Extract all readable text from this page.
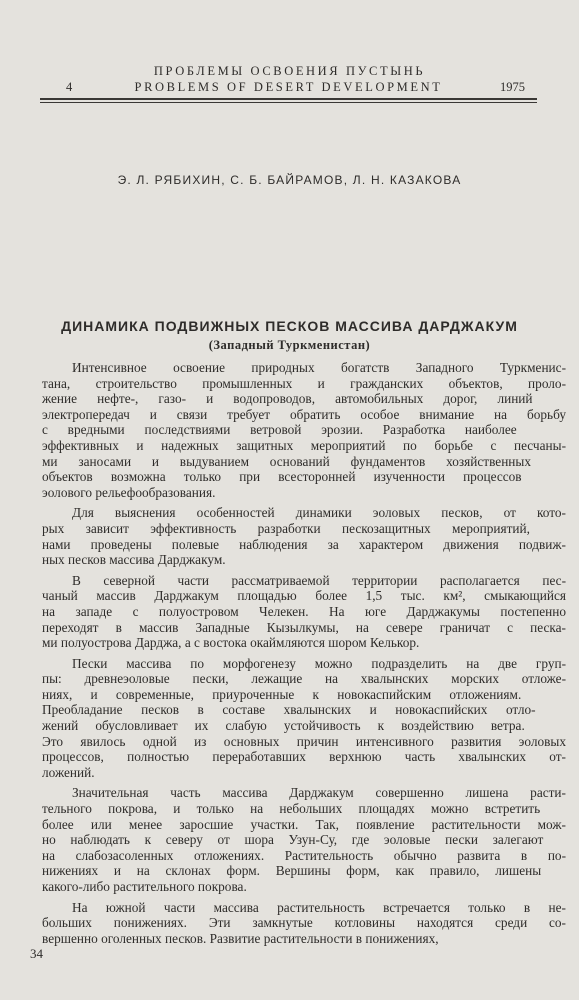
ПРОБЛЕМЫ ОСВОЕНИЯ ПУСТЫНЬ
4	PROBLEMS OF DESERT DEVELOPMENT	1975
Э. Л. РЯБИХИН, С. Б. БАЙРАМОВ, Л. Н. КАЗАКОВА
ДИНАМИКА ПОДВИЖНЫХ ПЕСКОВ МАССИВА ДАРДЖАКУМ
(Западный Туркменистан)
Интенсивное освоение природных богатств Западного Туркменис-
тана, строительство промышленных и гражданских объектов, проло-
жение нефте-, газо- и водопроводов, автомобильных дорог, линий
электропередач и связи требует обратить особое внимание на борьбу
с вредными последствиями ветровой эрозии. Разработка наиболее
эффективных и надежных защитных мероприятий по борьбе с песчаны-
ми заносами и выдуванием оснований фундаментов хозяйственных
объектов возможна только при всесторонней изученности процессов
эолового рельефообразования.
Для выяснения особенностей динамики эоловых песков, от кото-
рых зависит эффективность разработки пескозащитных мероприятий,
нами проведены полевые наблюдения за характером движения подвиж-
ных песков массива Дарджакум.
В северной части рассматриваемой территории располагается пес-
чаный массив Дарджакум площадью более 1,5 тыс. км², смыкающийся
на западе с полуостровом Челекен. На юге Дарджакумы постепенно
переходят в массив Западные Кызылкумы, на севере граничат с песка-
ми полуострова Дарджа, а с востока окаймляются шором Келькор.
Пески массива по морфогенезу можно подразделить на две груп-
пы: древнеэоловые пески, лежащие на хвалынских морских отложе-
ниях, и современные, приуроченные к новокаспийским отложениям.
Преобладание песков в составе хвалынских и новокаспийских отло-
жений обусловливает их слабую устойчивость к воздействию ветра.
Это явилось одной из основных причин интенсивного развития эоловых
процессов, полностью переработавших верхнюю часть хвалынских от-
ложений.
Значительная часть массива Дарджакум совершенно лишена расти-
тельного покрова, и только на небольших площадях можно встретить
более или менее заросшие участки. Так, появление растительности мож-
но наблюдать к северу от шора Узун-Су, где эоловые пески залегают
на слабозасоленных отложениях. Растительность обычно развита в по-
нижениях и на склонах форм. Вершины форм, как правило, лишены
какого-либо растительного покрова.
На южной части массива растительность встречается только в не-
больших понижениях. Эти замкнутые котловины находятся среди со-
вершенно оголенных песков. Развитие растительности в понижениях,
34
